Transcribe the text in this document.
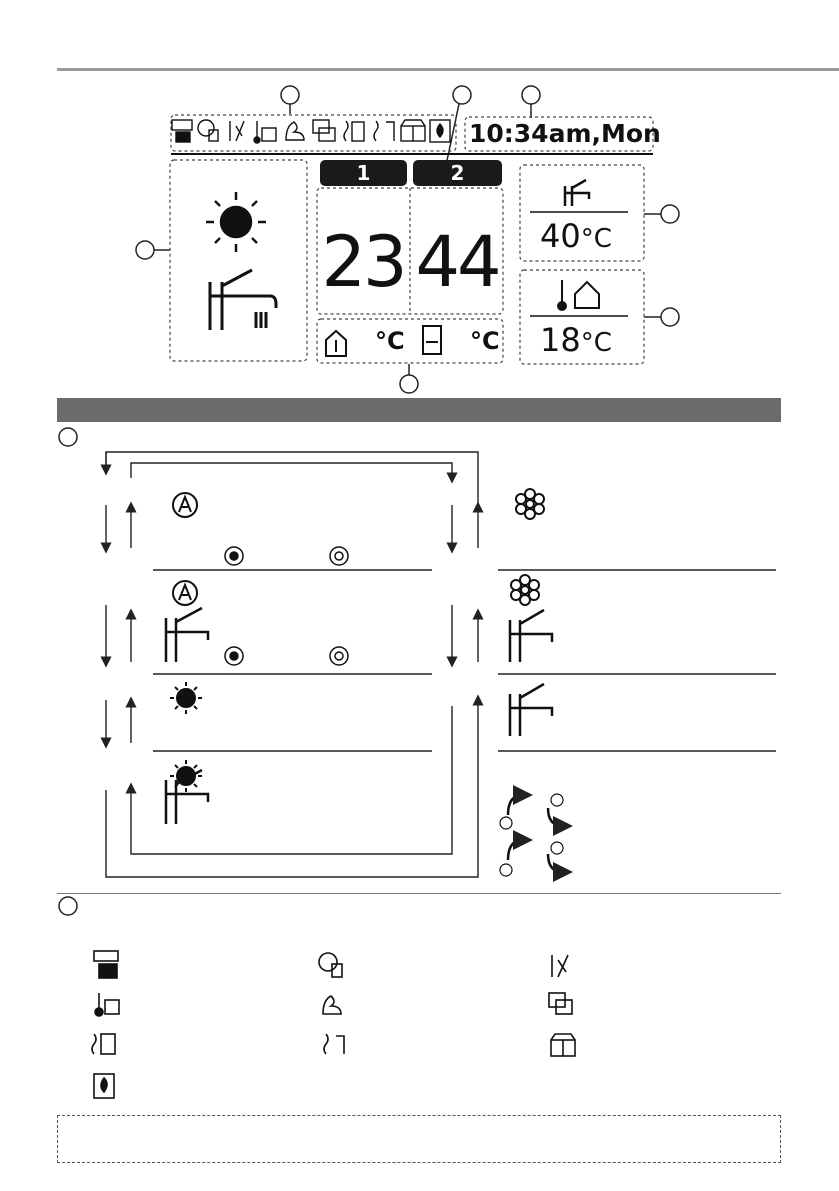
10:34am,Mon
1	2
23 44
°C	°C
40°C
18°C
